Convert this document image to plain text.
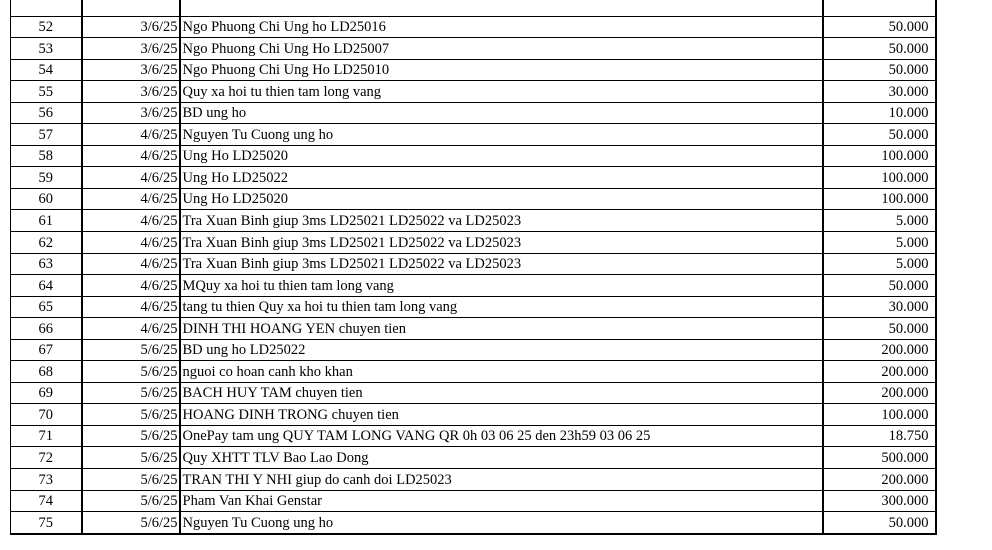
52	3/6/25	Ngo Phuong Chi Ung ho LD25016	50.000
53	3/6/25	Ngo Phuong Chi Ung Ho LD25007	50.000
54	3/6/25	Ngo Phuong Chi Ung Ho LD25010	50.000
55	3/6/25	Quy xa hoi tu thien tam long vang	30.000
56	3/6/25	BD ung ho	10.000
57	4/6/25	Nguyen Tu Cuong ung ho	50.000
58	4/6/25	Ung Ho LD25020	100.000
59	4/6/25	Ung Ho LD25022	100.000
60	4/6/25	Ung Ho LD25020	100.000
61	4/6/25	Tra Xuan Binh giup 3ms LD25021 LD25022 va LD25023	5.000
62	4/6/25	Tra Xuan Binh giup 3ms LD25021 LD25022 va LD25023	5.000
63	4/6/25	Tra Xuan Binh giup 3ms LD25021 LD25022 va LD25023	5.000
64	4/6/25	MQuy xa hoi tu thien tam long vang	50.000
65	4/6/25	tang tu thien Quy xa hoi tu thien tam long vang	30.000
66	4/6/25	DINH THI HOANG YEN chuyen tien	50.000
67	5/6/25	BD ung ho LD25022	200.000
68	5/6/25	nguoi co hoan canh kho khan	200.000
69	5/6/25	BACH HUY TAM chuyen tien	200.000
70	5/6/25	HOANG DINH TRONG chuyen tien	100.000
71	5/6/25	OnePay tam ung QUY TAM LONG VANG QR 0h 03 06 25 den 23h59 03 06 25	18.750
72	5/6/25	Quy XHTT TLV Bao Lao Dong	500.000
73	5/6/25	TRAN THI Y NHI giup do canh doi LD25023	200.000
74	5/6/25	Pham Van Khai Genstar	300.000
75	5/6/25	Nguyen Tu Cuong ung ho	50.000
